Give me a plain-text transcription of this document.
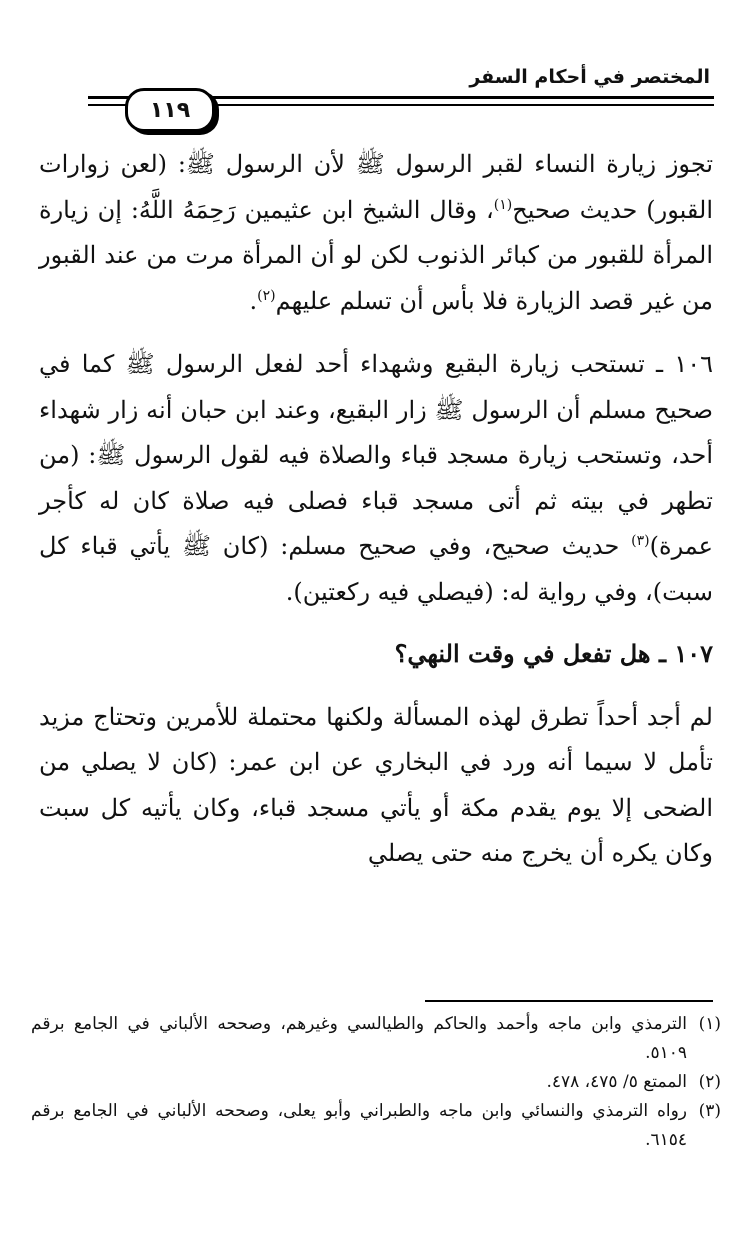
المختصر في أحكام السفر
١١٩

تجوز زيارة النساء لقبر الرسول ﷺ لأن الرسول ﷺ: (لعن زوارات القبور) حديث صحيح$^{(١)}$، وقال الشيخ ابن عثيمين رَحِمَهُ اللَّهُ: إن زيارة المرأة للقبور من كبائر الذنوب لكن لو أن المرأة مرت من عند القبور من غير قصد الزيارة فلا بأس أن تسلم عليهم$^{(٢)}$.

١٠٦ ـ تستحب زيارة البقيع وشهداء أحد لفعل الرسول ﷺ كما في صحيح مسلم أن الرسول ﷺ زار البقيع، وعند ابن حبان أنه زار شهداء أحد، وتستحب زيارة مسجد قباء والصلاة فيه لقول الرسول ﷺ: (من تطهر في بيته ثم أتى مسجد قباء فصلى فيه صلاة كان له كأجر عمرة)$^{(٣)}$ حديث صحيح، وفي صحيح مسلم: (كان ﷺ يأتي قباء كل سبت)، وفي رواية له: (فيصلي فيه ركعتين).

١٠٧ ـ هل تفعل في وقت النهي؟

لم أجد أحداً تطرق لهذه المسألة ولكنها محتملة للأمرين وتحتاج مزيد تأمل لا سيما أنه ورد في البخاري عن ابن عمر: (كان لا يصلي من الضحى إلا يوم يقدم مكة أو يأتي مسجد قباء، وكان يأتيه كل سبت وكان يكره أن يخرج منه حتى يصلي

(١)
الترمذي وابن ماجه وأحمد والحاكم والطيالسي وغيرهم، وصححه الألباني في الجامع برقم ٥١٠٩.
(٢)
الممتع ٥/ ٤٧٥، ٤٧٨.
(٣)
رواه الترمذي والنسائي وابن ماجه والطبراني وأبو يعلى، وصححه الألباني في الجامع برقم ٦١٥٤.
